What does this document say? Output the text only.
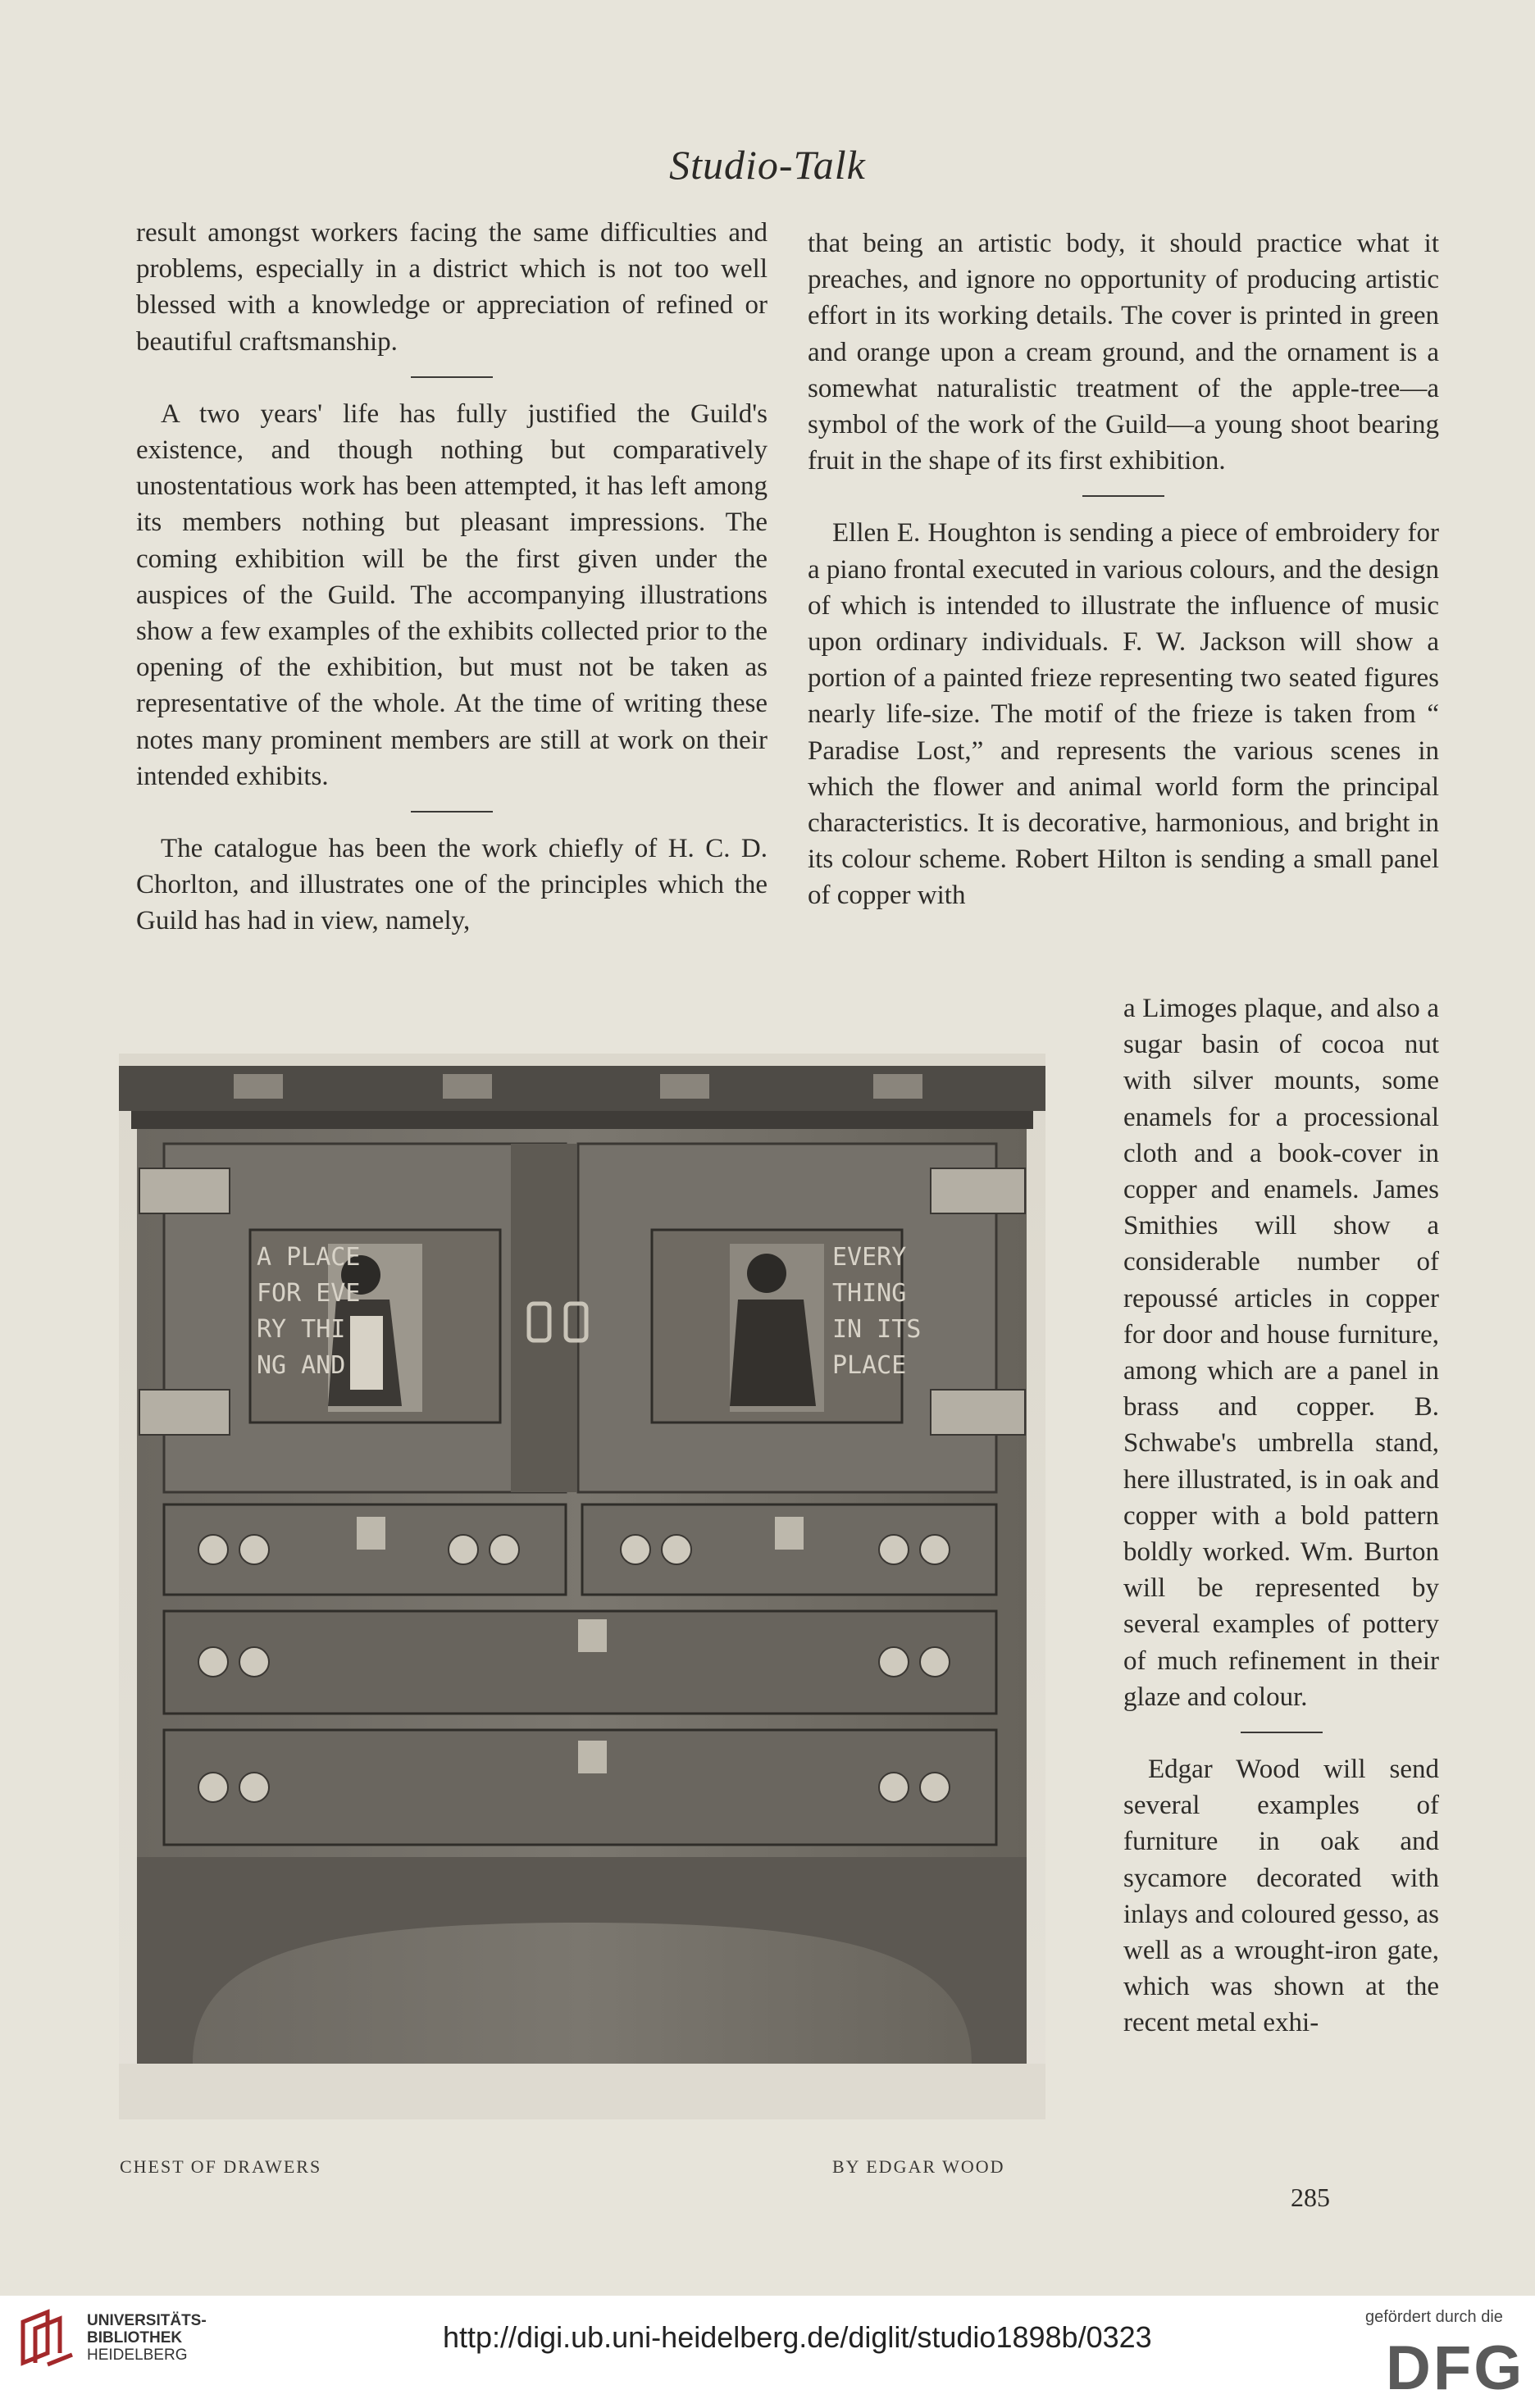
Studio-Talk

result amongst workers facing the same difficulties and problems, especially in a district which is not too well blessed with a knowledge or appreciation of refined or beautiful craftsmanship.

A two years' life has fully justified the Guild's existence, and though nothing but comparatively unostentatious work has been attempted, it has left among its members nothing but pleasant impressions. The coming exhibition will be the first given under the auspices of the Guild. The accompanying illustrations show a few examples of the exhibits collected prior to the opening of the exhibition, but must not be taken as representative of the whole. At the time of writing these notes many prominent members are still at work on their intended exhibits.

The catalogue has been the work chiefly of H. C. D. Chorlton, and illustrates one of the principles which the Guild has had in view, namely,

that being an artistic body, it should practice what it preaches, and ignore no opportunity of producing artistic effort in its working details. The cover is printed in green and orange upon a cream ground, and the ornament is a somewhat naturalistic treatment of the apple-tree—a symbol of the work of the Guild—a young shoot bearing fruit in the shape of its first exhibition.

Ellen E. Houghton is sending a piece of embroidery for a piano frontal executed in various colours, and the design of which is intended to illustrate the influence of music upon ordinary individuals. F. W. Jackson will show a portion of a painted frieze representing two seated figures nearly life-size. The motif of the frieze is taken from “ Paradise Lost,” and represents the various scenes in which the flower and animal world form the principal characteristics. It is decorative, harmonious, and bright in its colour scheme. Robert Hilton is sending a small panel of copper with

a Limoges plaque, and also a sugar basin of cocoa nut with silver mounts, some enamels for a processional cloth and a book-cover in copper and enamels. James Smithies will show a considerable number of repoussé articles in copper for door and house furniture, among which are a panel in brass and copper. B. Schwabe's umbrella stand, here illustrated, is in oak and copper with a bold pattern boldly worked. Wm. Burton will be represented by several examples of pottery of much refinement in their glaze and colour.

Edgar Wood will send several examples of furniture in oak and sycamore decorated with inlays and coloured gesso, as well as a wrought-iron gate, which was shown at the recent metal exhi-

A PLACE
FOR EVE
RY THI
NG AND
EVERY
THING
IN ITS
PLACE
CHEST OF DRAWERS	BY EDGAR WOOD
285
UNIVERSITÄTS-
BIBLIOTHEK
HEIDELBERG
http://digi.ub.uni-heidelberg.de/diglit/studio1898b/0323
gefördert durch die
DFG
